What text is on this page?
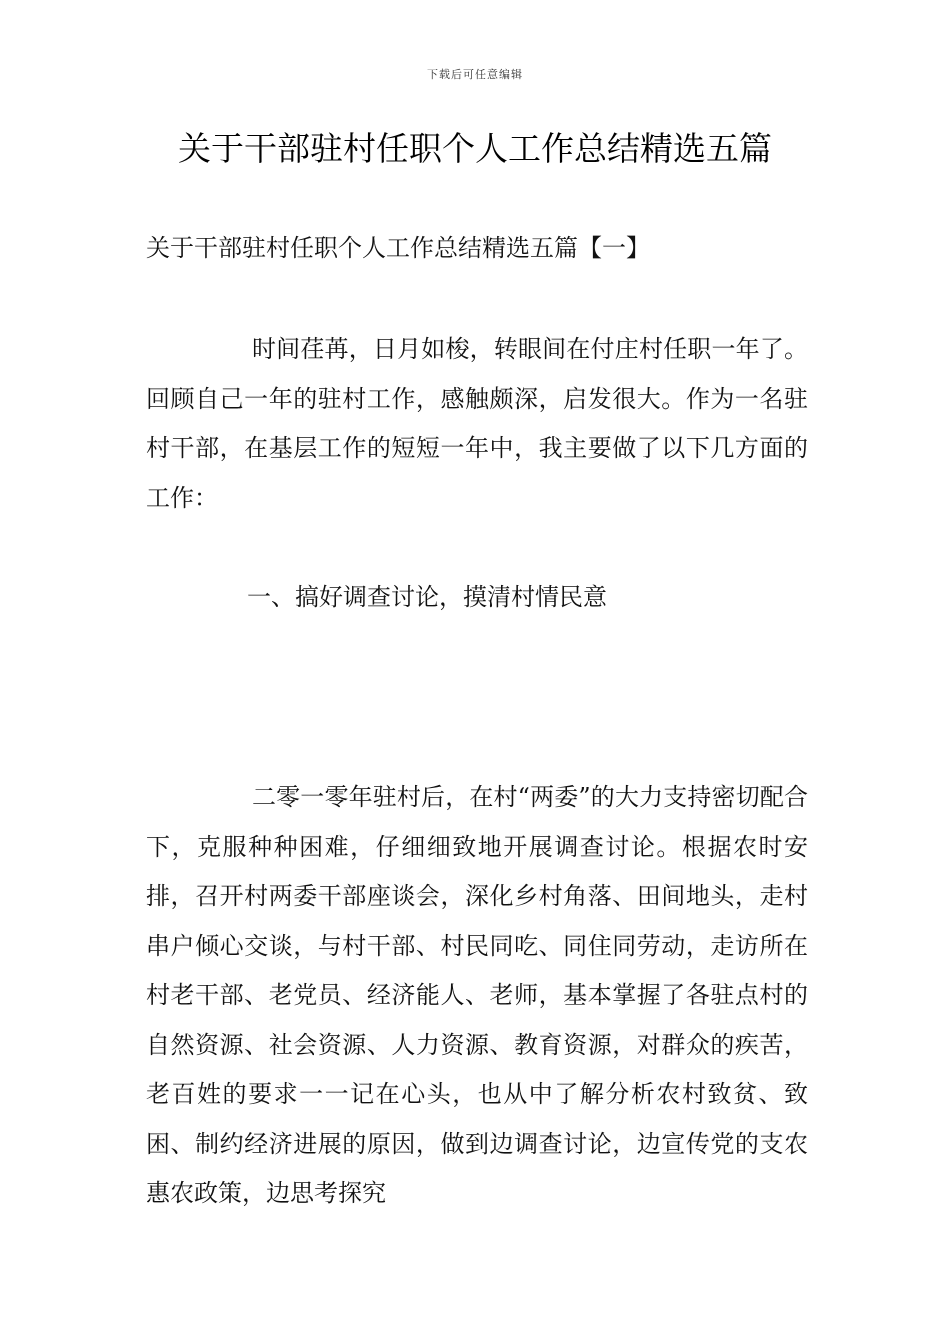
下载后可任意编辑
关于干部驻村任职个人工作总结精选五篇
关于干部驻村任职个人工作总结精选五篇【一】

时间荏苒，日月如梭，转眼间在付庄村任职一年了。回顾自己一年的驻村工作，感触颇深，启发很大。作为一名驻村干部，在基层工作的短短一年中，我主要做了以下几方面的工作：

一、搞好调查讨论，摸清村情民意

二零一零年驻村后，在村“两委”的大力支持密切配合下，克服种种困难，仔细细致地开展调查讨论。根据农时安排，召开村两委干部座谈会，深化乡村角落、田间地头，走村串户倾心交谈，与村干部、村民同吃、同住同劳动，走访所在村老干部、老党员、经济能人、老师，基本掌握了各驻点村的自然资源、社会资源、人力资源、教育资源，对群众的疾苦，老百姓的要求一一记在心头，也从中了解分析农村致贫、致困、制约经济进展的原因，做到边调查讨论，边宣传党的支农惠农政策，边思考探究
